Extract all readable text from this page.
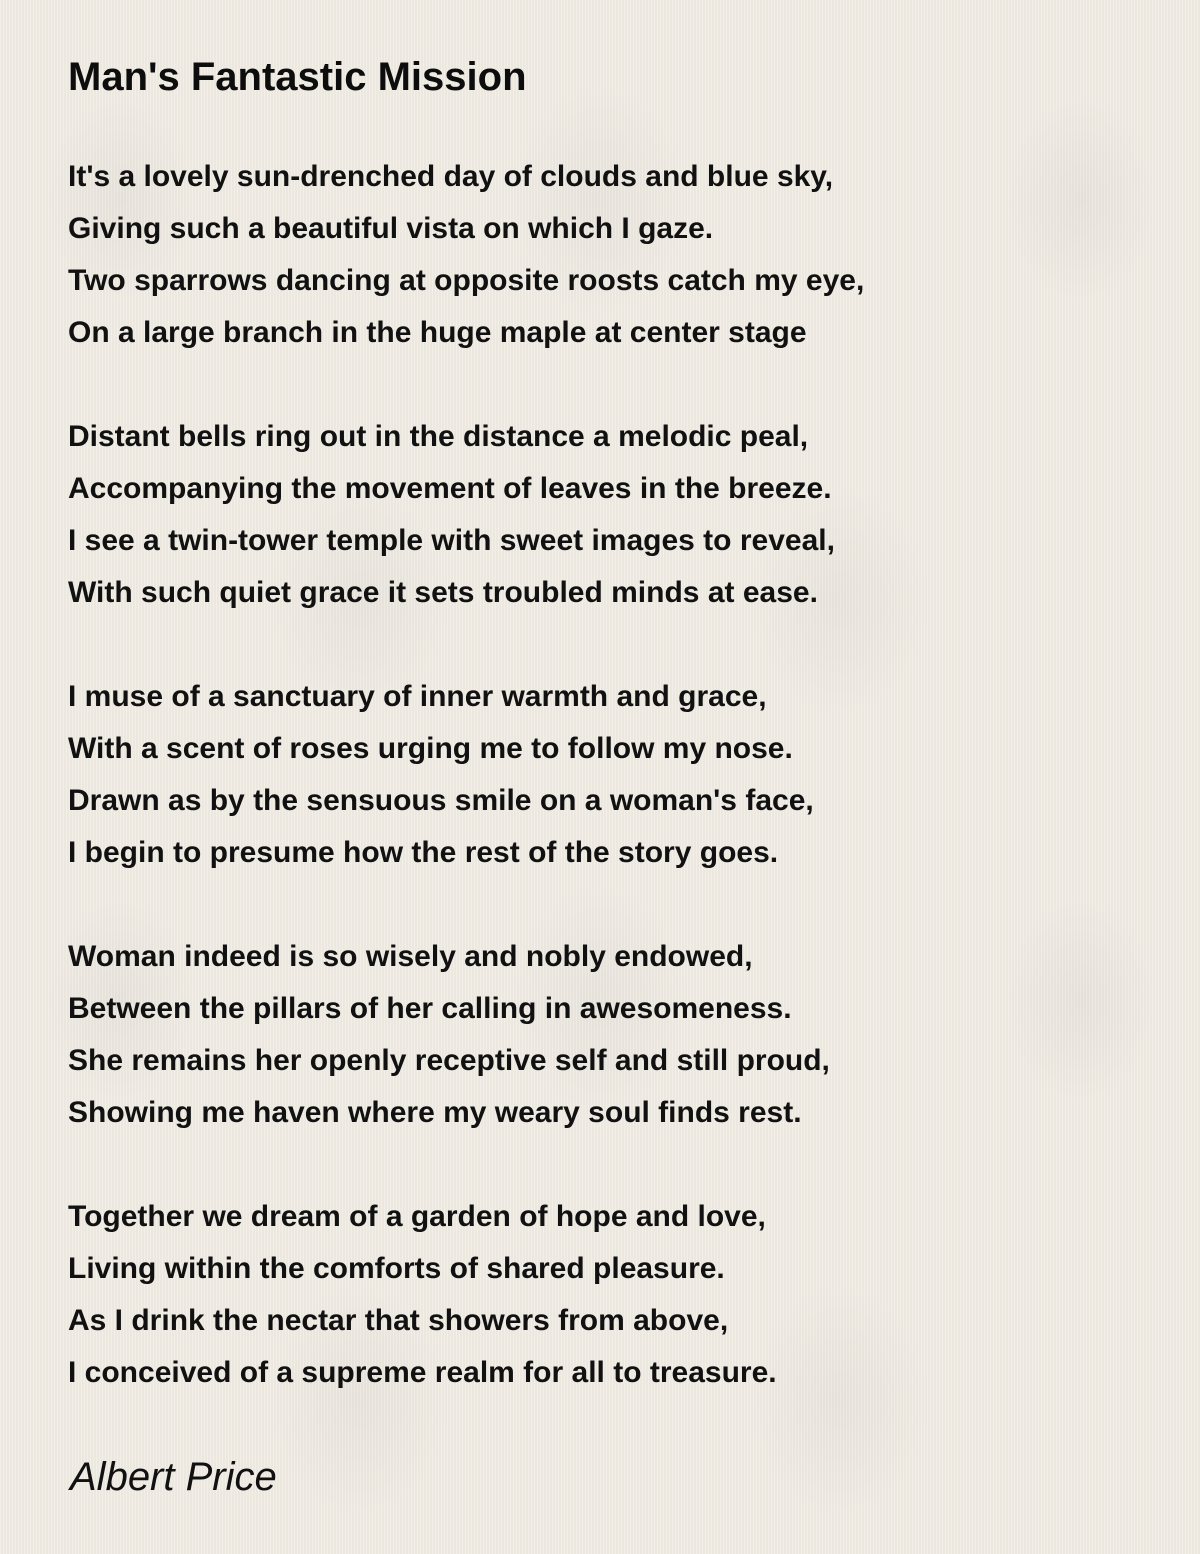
Man's Fantastic Mission
It's a lovely sun-drenched day of clouds and blue sky,
Giving such a beautiful vista on which I gaze.
Two sparrows dancing at opposite roosts catch my eye,
On a large branch in the huge maple at center stage
Distant bells ring out in the distance a melodic peal,
Accompanying the movement of leaves in the breeze.
I see a twin-tower temple with sweet images to reveal,
With such quiet grace it sets troubled minds at ease.
I muse of a sanctuary of inner warmth and grace,
With a scent of roses urging me to follow my nose.
Drawn as by the sensuous smile on a woman's face,
I begin to presume how the rest of the story goes.
Woman indeed is so wisely and nobly endowed,
Between the pillars of her calling in awesomeness.
She remains her openly receptive self and still proud,
Showing me haven where my weary soul finds rest.
Together we dream of a garden of hope and love,
Living within the comforts of shared pleasure.
As I drink the nectar that showers from above,
I conceived of a supreme realm for all to treasure.
Albert Price
